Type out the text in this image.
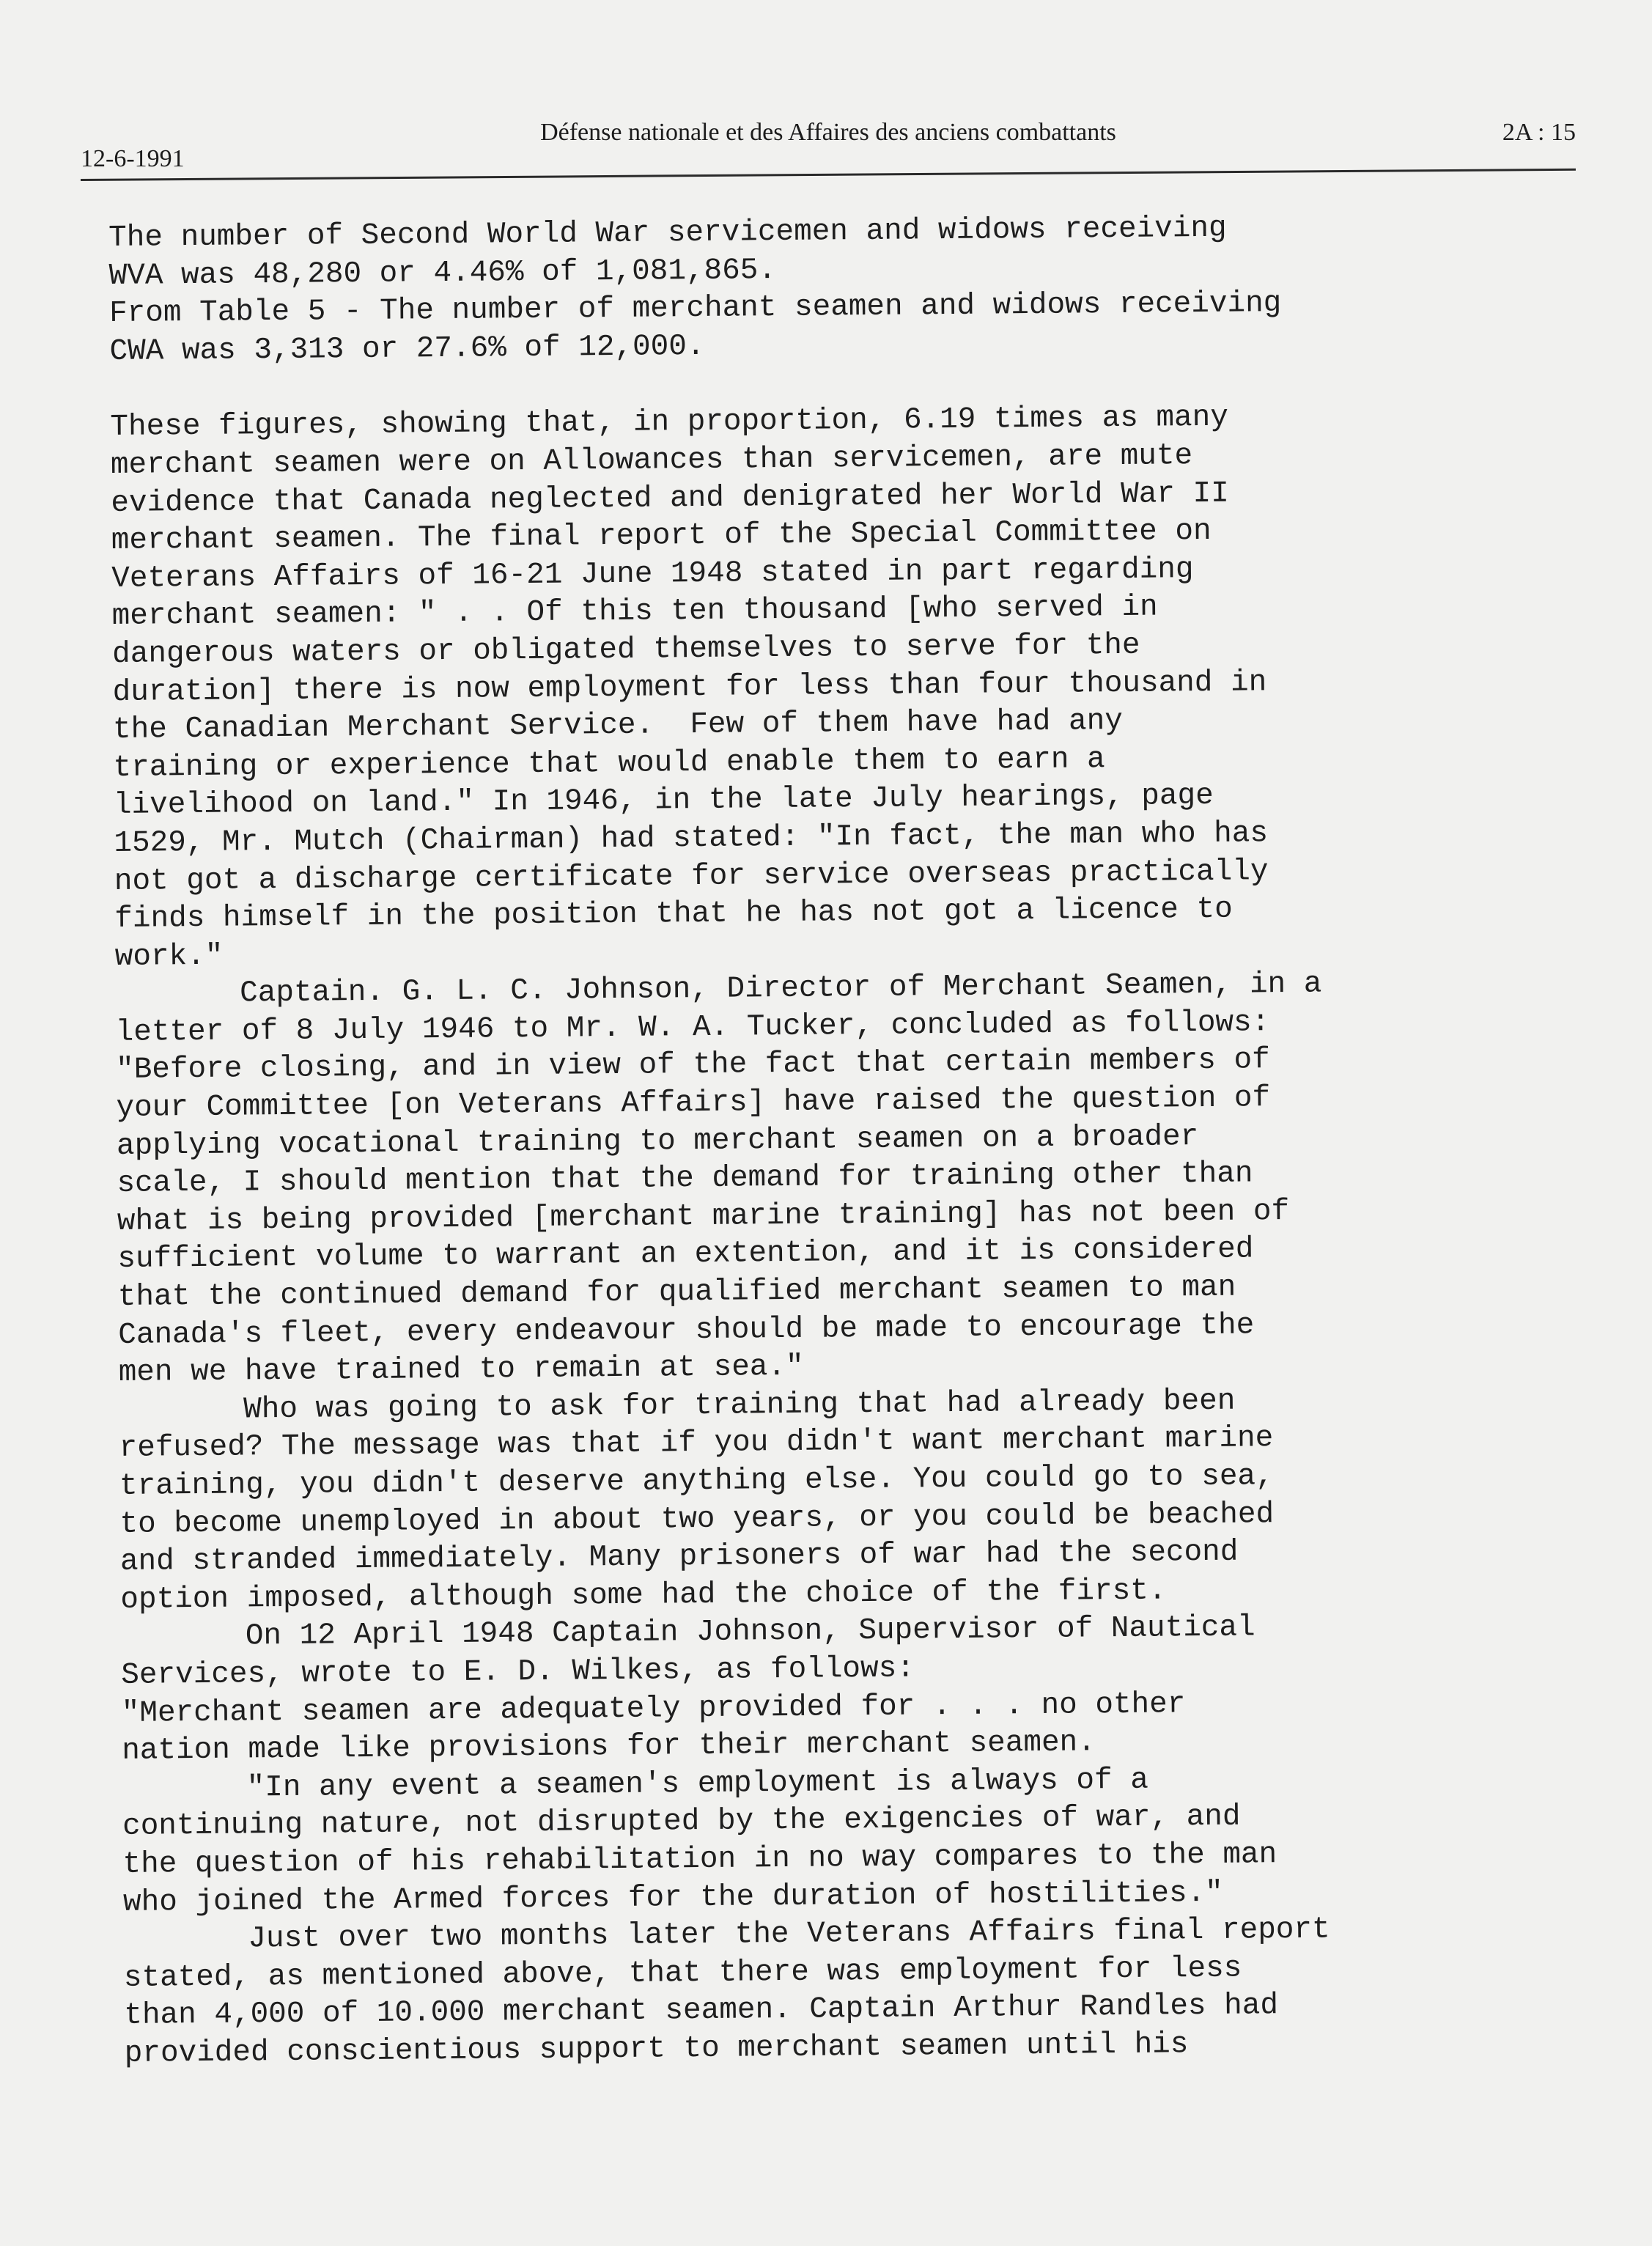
12-6-1991
Défense nationale et des Affaires des anciens combattants	2A : 15
The number of Second World War servicemen and widows receiving
WVA was 48,280 or 4.46% of 1,081,865.
From Table 5 - The number of merchant seamen and widows receiving
CWA was 3,313 or 27.6% of 12,000.
These figures, showing that, in proportion, 6.19 times as many
merchant seamen were on Allowances than servicemen, are mute
evidence that Canada neglected and denigrated her World War II
merchant seamen. The final report of the Special Committee on
Veterans Affairs of 16-21 June 1948 stated in part regarding
merchant seamen: " . . Of this ten thousand [who served in
dangerous waters or obligated themselves to serve for the
duration] there is now employment for less than four thousand in
the Canadian Merchant Service.  Few of them have had any
training or experience that would enable them to earn a
livelihood on land." In 1946, in the late July hearings, page
1529, Mr. Mutch (Chairman) had stated: "In fact, the man who has
not got a discharge certificate for service overseas practically
finds himself in the position that he has not got a licence to
work."
Captain. G. L. C. Johnson, Director of Merchant Seamen, in a
letter of 8 July 1946 to Mr. W. A. Tucker, concluded as follows:
"Before closing, and in view of the fact that certain members of
your Committee [on Veterans Affairs] have raised the question of
applying vocational training to merchant seamen on a broader
scale, I should mention that the demand for training other than
what is being provided [merchant marine training] has not been of
sufficient volume to warrant an extention, and it is considered
that the continued demand for qualified merchant seamen to man
Canada's fleet, every endeavour should be made to encourage the
men we have trained to remain at sea."
Who was going to ask for training that had already been
refused? The message was that if you didn't want merchant marine
training, you didn't deserve anything else. You could go to sea,
to become unemployed in about two years, or you could be beached
and stranded immediately. Many prisoners of war had the second
option imposed, although some had the choice of the first.
On 12 April 1948 Captain Johnson, Supervisor of Nautical
Services, wrote to E. D. Wilkes, as follows:
"Merchant seamen are adequately provided for . . . no other
nation made like provisions for their merchant seamen.
"In any event a seamen's employment is always of a
continuing nature, not disrupted by the exigencies of war, and
the question of his rehabilitation in no way compares to the man
who joined the Armed forces for the duration of hostilities."
Just over two months later the Veterans Affairs final report
stated, as mentioned above, that there was employment for less
than 4,000 of 10.000 merchant seamen. Captain Arthur Randles had
provided conscientious support to merchant seamen until his
